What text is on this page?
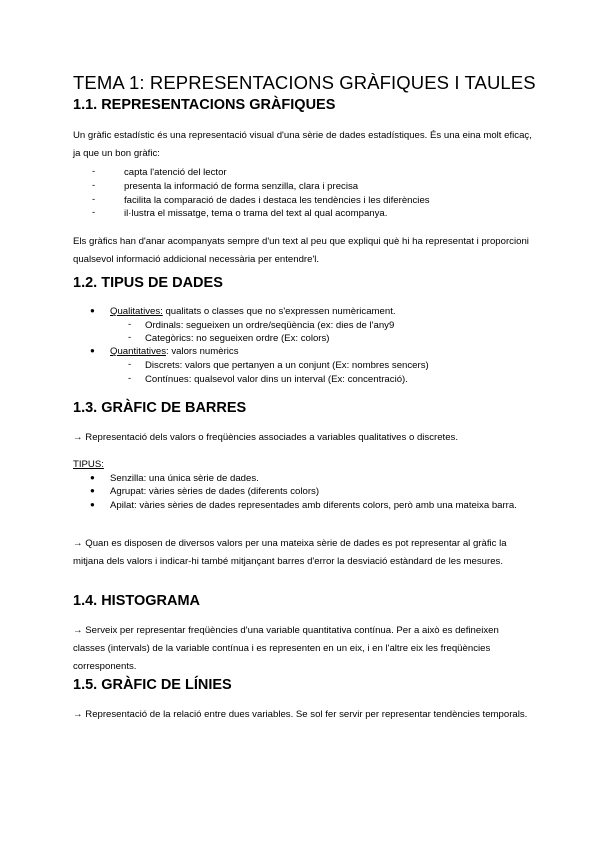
TEMA 1: REPRESENTACIONS GRÀFIQUES I TAULES
1.1. REPRESENTACIONS GRÀFIQUES
Un gràfic estadístic és una representació visual d'una sèrie de dades estadístiques. És una eina molt eficaç, ja que un bon gràfic:
-	capta l'atenció del lector
-	presenta la informació de forma senzilla, clara i precisa
-	facilita la comparació de dades i destaca les tendències i les diferències
-	il·lustra el missatge, tema o trama del text al qual acompanya.
Els gràfics han d'anar acompanyats sempre d'un text al peu que expliqui què hi ha representat i proporcioni qualsevol informació addicional necessària per entendre'l.
1.2. TIPUS DE DADES
● Qualitatives: qualitats o classes que no s'expressen numèricament.
- Ordinals: segueixen un ordre/seqüència (ex: dies de l'any9
- Categòrics: no segueixen ordre (Ex: colors)
● Quantitatives: valors numèrics
- Discrets: valors que pertanyen a un conjunt (Ex: nombres sencers)
- Contínues: qualsevol valor dins un interval (Ex: concentració).
1.3. GRÀFIC DE BARRES
→ Representació dels valors o freqüències associades a variables qualitatives o discretes.
TIPUS:
● Senzilla: una única sèrie de dades.
● Agrupat: vàries sèries de dades (diferents colors)
● Apilat: vàries sèries de dades representades amb diferents colors, però amb una mateixa barra.
→ Quan es disposen de diversos valors per una mateixa sèrie de dades es pot representar al gràfic la mitjana dels valors i indicar-hi també mitjançant barres d'error la desviació estàndard de les mesures.
1.4. HISTOGRAMA
→ Serveix per representar freqüències d'una variable quantitativa contínua. Per a això es defineixen classes (intervals) de la variable contínua i es representen en un eix, i en l'altre eix les freqüències corresponents.
1.5. GRÀFIC DE LÍNIES
→ Representació de la relació entre dues variables. Se sol fer servir per representar tendències temporals.
